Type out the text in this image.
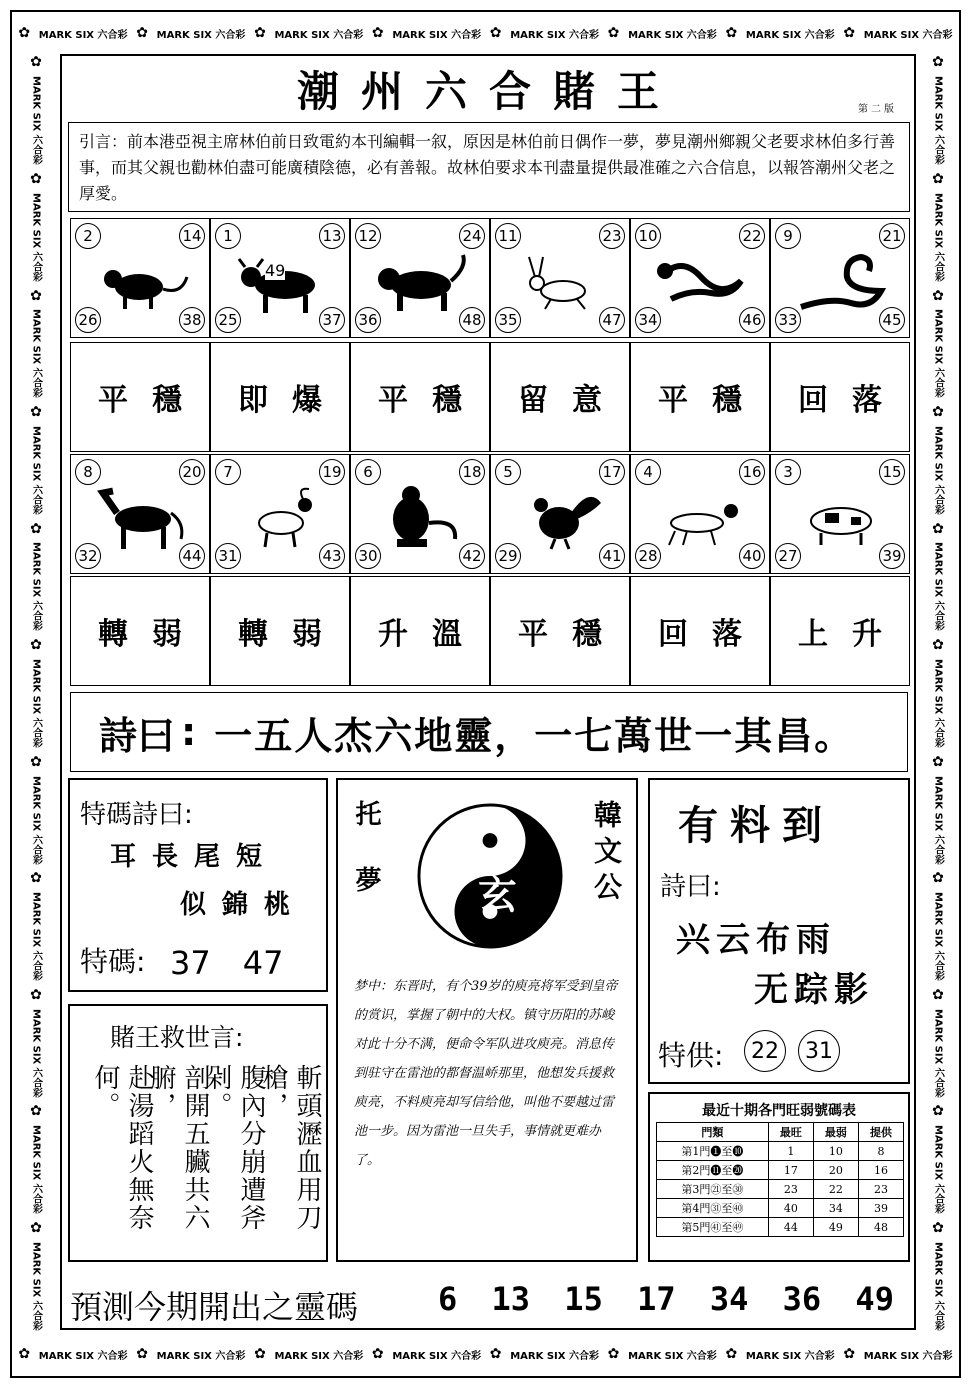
✿ MARK SIX 六合彩 ✿ MARK SIX 六合彩 ✿ MARK SIX 六合彩 ✿ MARK SIX 六合彩 ✿ MARK SIX 六合彩 ✿ MARK SIX 六合彩 ✿ MARK SIX 六合彩 ✿ MARK SIX 六合彩
✿ MARK SIX 六合彩 ✿ MARK SIX 六合彩 ✿ MARK SIX 六合彩 ✿ MARK SIX 六合彩 ✿ MARK SIX 六合彩 ✿ MARK SIX 六合彩 ✿ MARK SIX 六合彩 ✿ MARK SIX 六合彩
✿
MARK SIX 六合彩
✿
MARK SIX 六合彩
✿
MARK SIX 六合彩
✿
MARK SIX 六合彩
✿
MARK SIX 六合彩
✿
MARK SIX 六合彩
✿
MARK SIX 六合彩
✿
MARK SIX 六合彩
✿
MARK SIX 六合彩
✿
MARK SIX 六合彩
✿
MARK SIX 六合彩
✿
MARK SIX 六合彩
✿
MARK SIX 六合彩
✿
MARK SIX 六合彩
✿
MARK SIX 六合彩
✿
MARK SIX 六合彩
✿
MARK SIX 六合彩
✿
MARK SIX 六合彩
✿
MARK SIX 六合彩
✿
MARK SIX 六合彩
✿
MARK SIX 六合彩
✿
MARK SIX 六合彩
潮州六合賭王	第二版
引言：前本港亞視主席林伯前日致電約本刊編輯一叙，原因是林伯前日偶作一夢，夢見潮州鄉親父老要求林伯多行善事，而其父親也勸林伯盡可能廣積陰德，必有善報。故林伯要求本刊盡量提供最准確之六合信息，以報答潮州父老之厚愛。
2	14
26	38
1	13
25	37
49
12	24
36	48
11	23
35	47
10	22
34	46
9	21
33	45
平穩	即爆	平穩	留意	平穩	回落
8	20
32	44
7	19
31	43
6	18
30	42
5	17
29	41
4	16
28	40
3	15
27	39
轉弱	轉弱	升溫	平穩	回落	上升
詩曰 : 一五人杰六地靈，一七萬世一其昌。
特碼詩曰:
耳長尾短
似錦桃
特碼: 37　47
賭王救世言:
斬頭瀝血用刀槍，
腹內分崩遭斧剁。
剖開五臟共六腑，
赴湯蹈火無奈何。
托夢	韓文公
玄
梦中：东晋时，有个39岁的庾亮将军受到皇帝的赏识，掌握了朝中的大权。镇守历阳的苏峻对此十分不满，便命令军队进攻庾亮。消息传到驻守在雷池的都督温峤那里，他想发兵援救庾亮，不料庾亮却写信给他，叫他不要越过雷池一步。因为雷池一旦失手，事情就更难办了。
有料到
詩曰:
兴云布雨
无踪影
特供:	22 31
最近十期各門旺弱號碼表
門類	最旺	最弱	提供
第1門❶至❿	1	10	8
第2門⓫至⓴	17	20	16
第3門㉑至㉚	23	22	23
第4門㉛至㊵	40	34	39
第5門㊶至㊾	44	49	48
預測今期開出之靈碼 6 13 15 17 34 36 49
